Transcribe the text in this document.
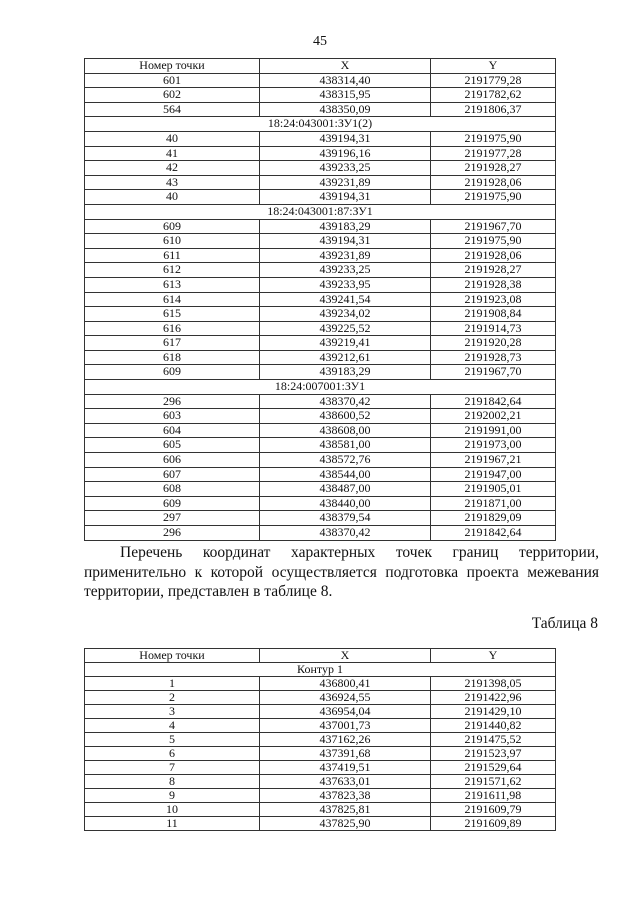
45
Номер точки	X	Y
601	438314,40	2191779,28
602	438315,95	2191782,62
564	438350,09	2191806,37
18:24:043001:ЗУ1(2)		
40	439194,31	2191975,90
41	439196,16	2191977,28
42	439233,25	2191928,27
43	439231,89	2191928,06
40	439194,31	2191975,90
18:24:043001:87:ЗУ1		
609	439183,29	2191967,70
610	439194,31	2191975,90
611	439231,89	2191928,06
612	439233,25	2191928,27
613	439233,95	2191928,38
614	439241,54	2191923,08
615	439234,02	2191908,84
616	439225,52	2191914,73
617	439219,41	2191920,28
618	439212,61	2191928,73
609	439183,29	2191967,70
18:24:007001:ЗУ1		
296	438370,42	2191842,64
603	438600,52	2192002,21
604	438608,00	2191991,00
605	438581,00	2191973,00
606	438572,76	2191967,21
607	438544,00	2191947,00
608	438487,00	2191905,01
609	438440,00	2191871,00
297	438379,54	2191829,09
296	438370,42	2191842,64
Перечень координат характерных точек границ территории, применительно к которой осуществляется подготовка проекта межевания территории, представлен в таблице 8.
Таблица 8
Номер точки	X	Y
Контур 1		
1	436800,41	2191398,05
2	436924,55	2191422,96
3	436954,04	2191429,10
4	437001,73	2191440,82
5	437162,26	2191475,52
6	437391,68	2191523,97
7	437419,51	2191529,64
8	437633,01	2191571,62
9	437823,38	2191611,98
10	437825,81	2191609,79
11	437825,90	2191609,89
